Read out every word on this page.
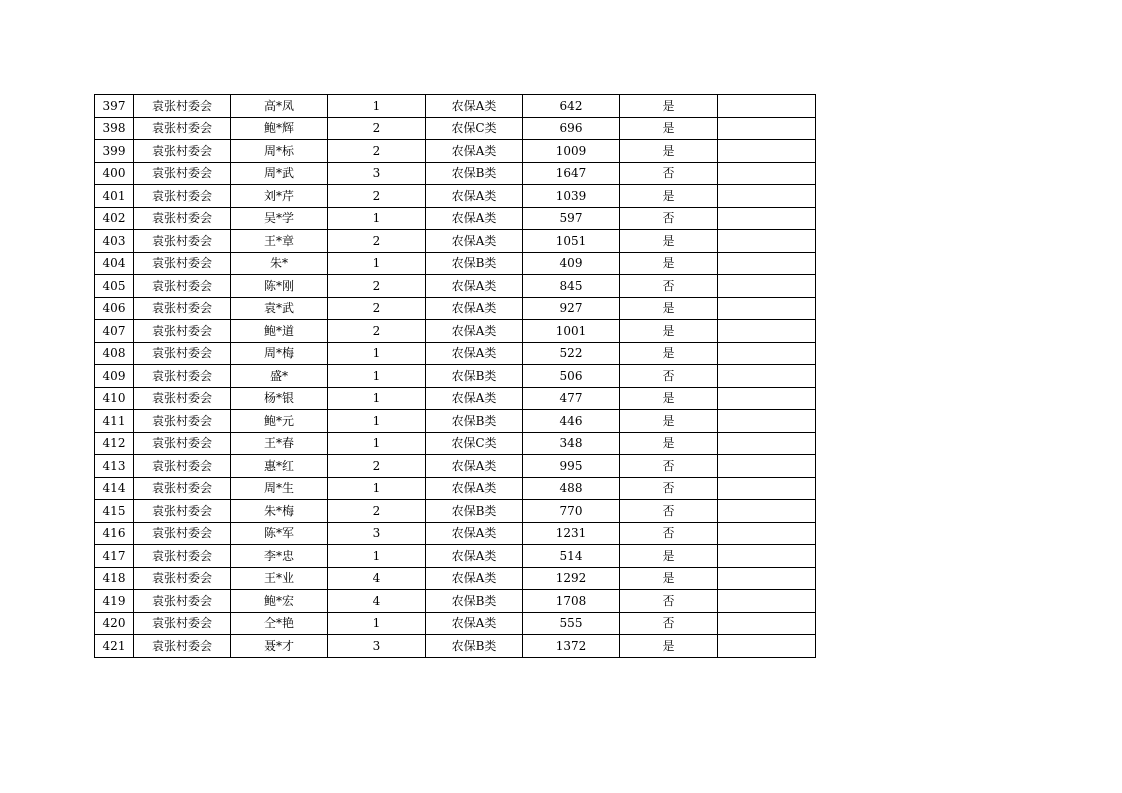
397	袁张村委会	高*凤	1	农保A类	642	是	
398	袁张村委会	鲍*辉	2	农保C类	696	是	
399	袁张村委会	周*标	2	农保A类	1009	是	
400	袁张村委会	周*武	3	农保B类	1647	否	
401	袁张村委会	刘*芹	2	农保A类	1039	是	
402	袁张村委会	吴*学	1	农保A类	597	否	
403	袁张村委会	王*章	2	农保A类	1051	是	
404	袁张村委会	朱*	1	农保B类	409	是	
405	袁张村委会	陈*刚	2	农保A类	845	否	
406	袁张村委会	袁*武	2	农保A类	927	是	
407	袁张村委会	鲍*道	2	农保A类	1001	是	
408	袁张村委会	周*梅	1	农保A类	522	是	
409	袁张村委会	盛*	1	农保B类	506	否	
410	袁张村委会	杨*银	1	农保A类	477	是	
411	袁张村委会	鲍*元	1	农保B类	446	是	
412	袁张村委会	王*春	1	农保C类	348	是	
413	袁张村委会	惠*红	2	农保A类	995	否	
414	袁张村委会	周*生	1	农保A类	488	否	
415	袁张村委会	朱*梅	2	农保B类	770	否	
416	袁张村委会	陈*军	3	农保A类	1231	否	
417	袁张村委会	李*忠	1	农保A类	514	是	
418	袁张村委会	王*业	4	农保A类	1292	是	
419	袁张村委会	鲍*宏	4	农保B类	1708	否	
420	袁张村委会	仝*艳	1	农保A类	555	否	
421	袁张村委会	聂*才	3	农保B类	1372	是	
